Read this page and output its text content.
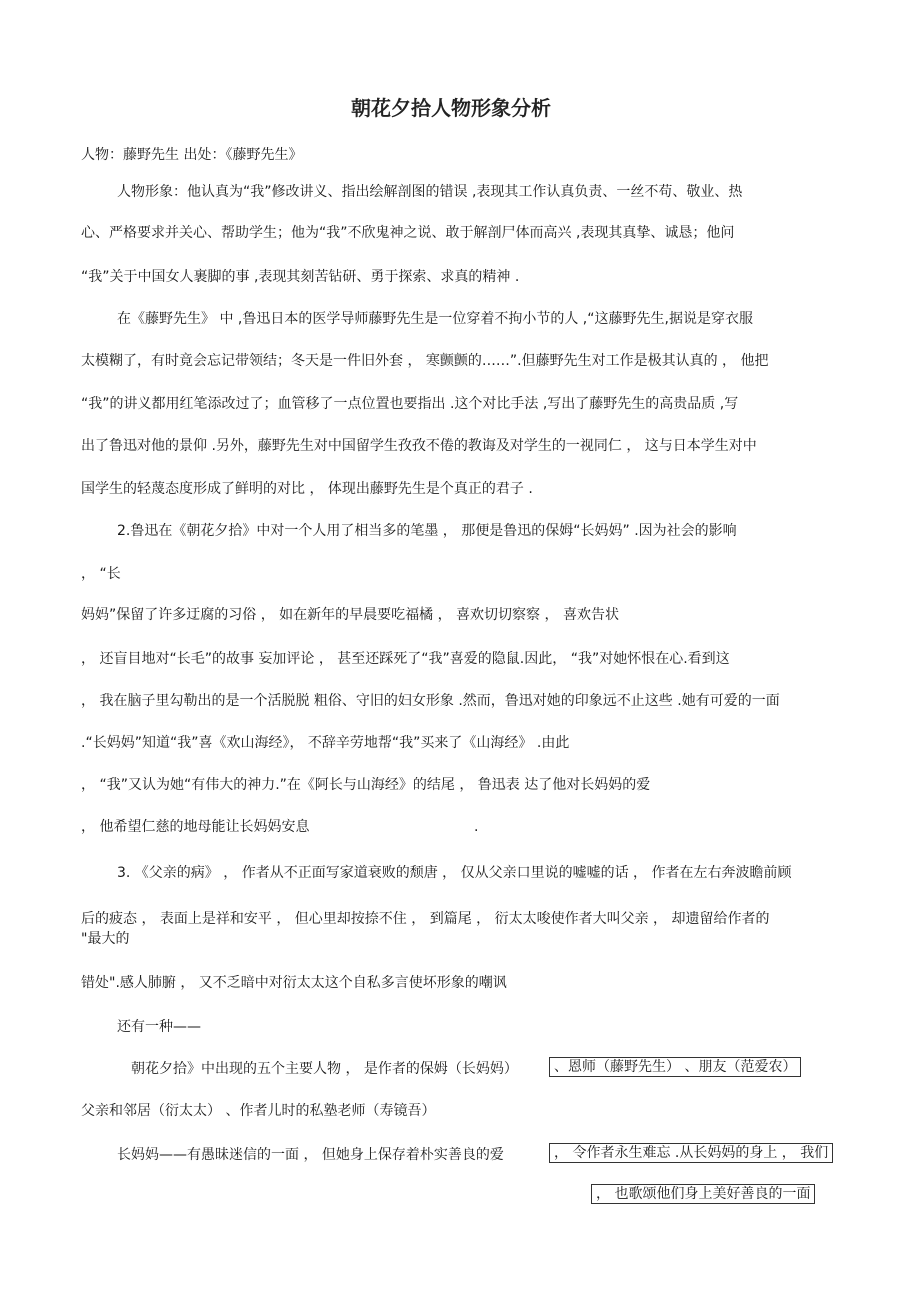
朝花夕拾人物形象分析
人物：藤野先生 出处：《藤野先生》
人物形象：他认真为“我”修改讲义、指出绘解剖图的错误 ,表现其工作认真负责、一丝不苟、敬业、热
心、严格要求并关心、帮助学生；他为“我”不欣鬼神之说、敢于解剖尸体而高兴 ,表现其真挚、诚恳；他问
“我”关于中国女人裹脚的事 ,表现其刻苦钻研、勇于探索、求真的精神 .
在《藤野先生》 中 ,鲁迅日本的医学导师藤野先生是一位穿着不拘小节的人 ,“这藤野先生,据说是穿衣服
太模糊了，有时竟会忘记带领结；冬天是一件旧外套 ， 寒颤颤的……”.但藤野先生对工作是极其认真的 ， 他把
“我”的讲义都用红笔添改过了；血管移了一点位置也要指出 .这个对比手法 ,写出了藤野先生的高贵品质 ,写
出了鲁迅对他的景仰 .另外，藤野先生对中国留学生孜孜不倦的教诲及对学生的一视同仁 ， 这与日本学生对中
国学生的轻蔑态度形成了鲜明的对比 ， 体现出藤野先生是个真正的君子 .
2.鲁迅在《朝花夕拾》中对一个人用了相当多的笔墨 ， 那便是鲁迅的保姆“长妈妈” .因为社会的影响
， “长
妈妈”保留了许多迂腐的习俗 ， 如在新年的早晨要吃福橘 ， 喜欢切切察察 ， 喜欢告状
， 还盲目地对“长毛”的故事 妄加评论 ， 甚至还踩死了“我”喜爱的隐鼠.因此， “我”对她怀恨在心.看到这
， 我在脑子里勾勒出的是一个活脱脱 粗俗、守旧的妇女形象 .然而，鲁迅对她的印象远不止这些 .她有可爱的一面
.“长妈妈”知道“我”喜《欢山海经》， 不辞辛劳地帮“我”买来了《山海经》 .由此
， “我”又认为她“有伟大的神力.”在《阿长与山海经》的结尾 ， 鲁迅表 达了他对长妈妈的爱
， 他希望仁慈的地母能让长妈妈安息	.
3. 《父亲的病》 ， 作者从不正面写家道衰败的颓唐 ， 仅从父亲口里说的嘘嘘的话 ， 作者在左右奔波瞻前顾
后的疲态 ， 表面上是祥和安平 ， 但心里却按捺不住 ， 到篇尾 ， 衍太太唆使作者大叫父亲 ， 却遗留给作者的
"最大的
错处".感人肺腑 ， 又不乏暗中对衍太太这个自私多言使坏形象的嘲讽
还有一种——
朝花夕拾》中出现的五个主要人物 ， 是作者的保姆（长妈妈）	、恩师（藤野先生） 、朋友（范爱农）
父亲和邻居（衍太太） 、作者儿时的私塾老师（寿镜吾）
长妈妈——有愚昧迷信的一面 ， 但她身上保存着朴实善良的爱	， 令作者永生难忘 .从长妈妈的身上 ， 我们
， 也歌颂他们身上美好善良的一面
